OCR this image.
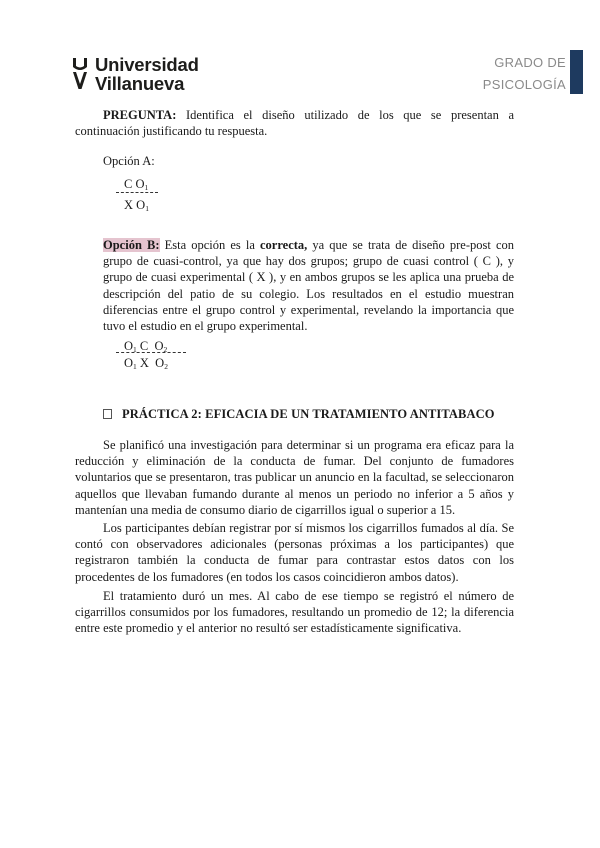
Universidad
Villanueva
GRADO DE
PSICOLOGÍA
PREGUNTA: Identifica el diseño utilizado de los que se presentan a continuación justificando tu respuesta.
Opción A:
C $O_1$
X $O_1$
Opción B: Esta opción es la correcta, ya que se trata de diseño pre-post con grupo de cuasi-control, ya que hay dos grupos; grupo de cuasi control ( C ), y grupo de cuasi experimental ( X ), y en ambos grupos se les aplica una prueba de descripción del patio de su colegio. Los resultados en el estudio muestran diferencias entre el grupo control y experimental, revelando la importancia que tuvo el estudio en el grupo experimental.
$O_1$ C  $O_2$
$O_1$ X  $O_2$
PRÁCTICA 2: EFICACIA DE UN TRATAMIENTO ANTITABACO
Se planificó una investigación para determinar si un programa era eficaz para la reducción y eliminación de la conducta de fumar. Del conjunto de fumadores voluntarios que se presentaron, tras publicar un anuncio en la facultad, se seleccionaron aquellos que llevaban fumando durante al menos un periodo no inferior a 5 años y mantenían una media de consumo diario de cigarrillos igual o superior a 15.
Los participantes debían registrar por sí mismos los cigarrillos fumados al día. Se contó con observadores adicionales (personas próximas a los participantes) que registraron también la conducta de fumar para contrastar estos datos con los procedentes de los fumadores (en todos los casos coincidieron ambos datos).
El tratamiento duró un mes. Al cabo de ese tiempo se registró el número de cigarrillos consumidos por los fumadores, resultando un promedio de 12; la diferencia entre este promedio y el anterior no resultó ser estadísticamente significativa.
